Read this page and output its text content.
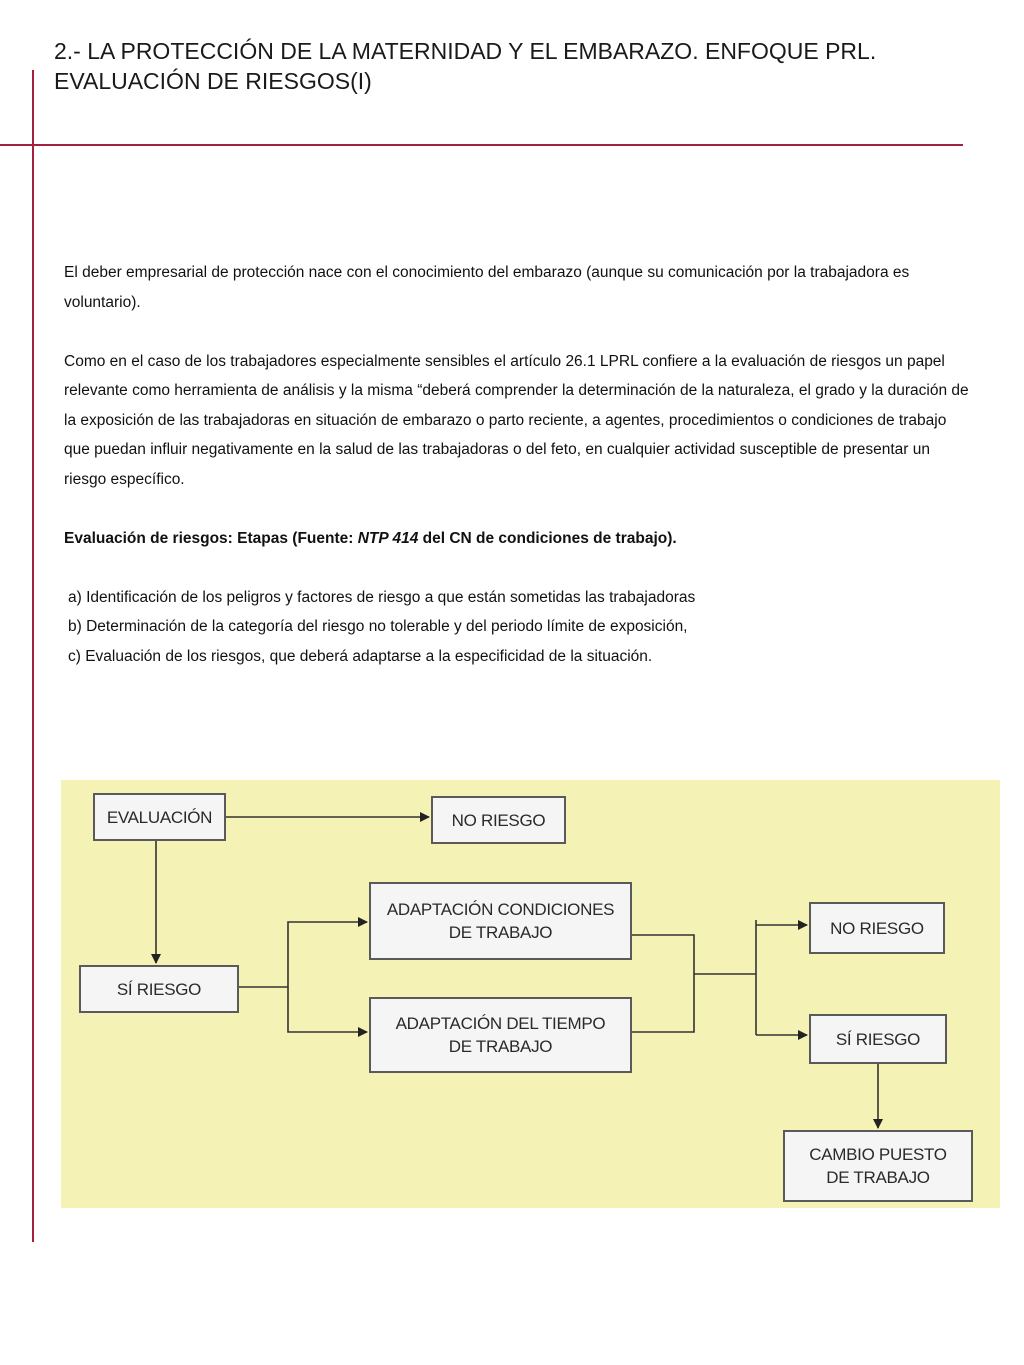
2.- LA PROTECCIÓN DE LA MATERNIDAD Y EL EMBARAZO. ENFOQUE PRL. EVALUACIÓN DE RIESGOS(I)

El deber empresarial de protección nace con el conocimiento del embarazo (aunque su comunicación por la trabajadora es voluntario).

Como en el caso de los trabajadores especialmente sensibles el artículo 26.1 LPRL confiere a la evaluación de riesgos un papel relevante como herramienta de análisis y la misma “deberá comprender la determinación de la naturaleza, el grado y la duración de la exposición de las trabajadoras en situación de embarazo o parto reciente, a agentes, procedimientos o condiciones de trabajo que puedan influir negativamente en la salud de las trabajadoras o del feto, en cualquier actividad susceptible de presentar un riesgo específico.

Evaluación de riesgos: Etapas (Fuente: NTP 414 del CN de condiciones de trabajo).

a) Identificación de los peligros y factores de riesgo a que están sometidas las trabajadoras

b) Determinación de la categoría del riesgo no tolerable y del periodo límite de exposición,

c) Evaluación de los riesgos, que deberá adaptarse a la especificidad de la situación.

EVALUACIÓN	NO RIESGO
SÍ RIESGO
ADAPTACIÓN CONDICIONES
DE TRABAJO
ADAPTACIÓN DEL TIEMPO
DE TRABAJO
NO RIESGO
SÍ RIESGO
CAMBIO PUESTO
DE TRABAJO
